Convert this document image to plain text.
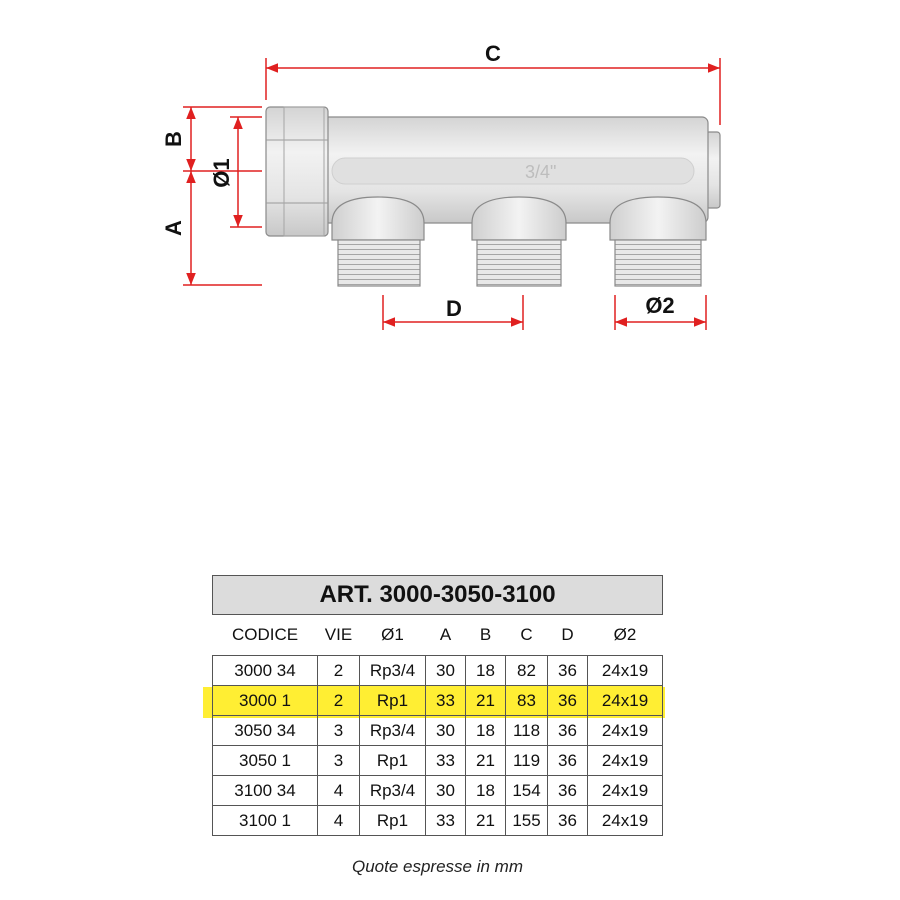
3/4"
C
B
A
Ø1
D	Ø2
ART. 3000-3050-3100							
CODICE	VIE	Ø1	A	B	C	D	Ø2
3000 34	2	Rp3/4	30	18	82	36	24x19
3000 1	2	Rp1	33	21	83	36	24x19
3050 34	3	Rp3/4	30	18	118	36	24x19
3050 1	3	Rp1	33	21	119	36	24x19
3100 34	4	Rp3/4	30	18	154	36	24x19
3100 1	4	Rp1	33	21	155	36	24x19
Quote espresse in mm
